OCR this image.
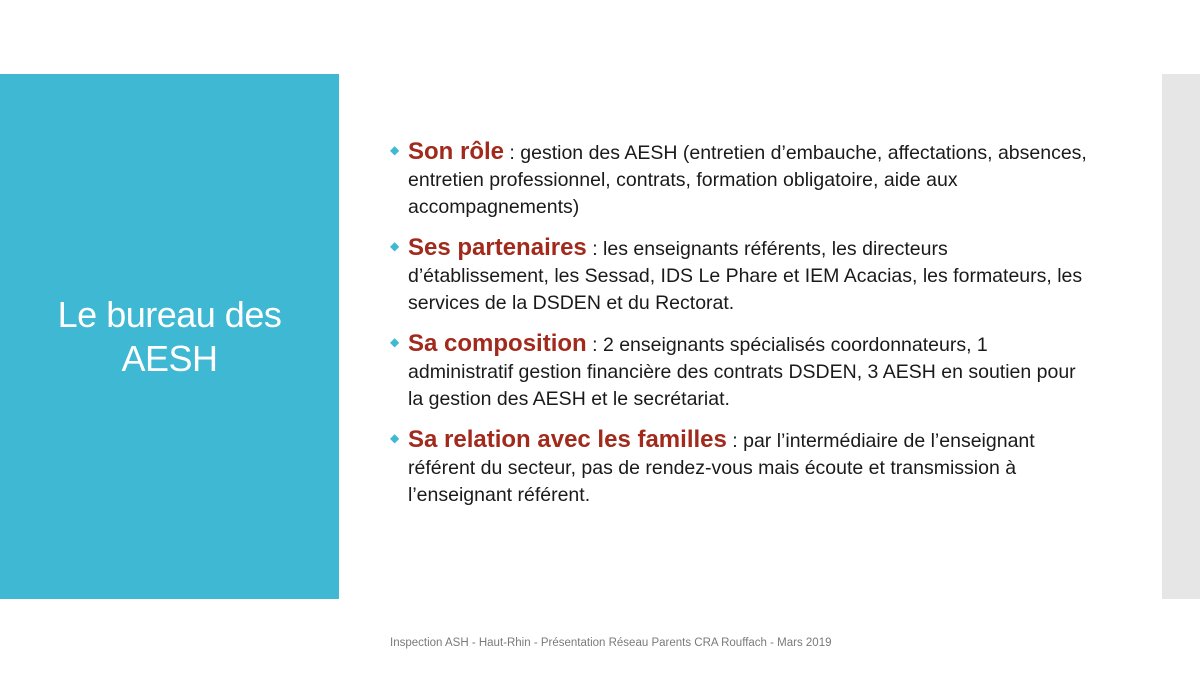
Le bureau des
AESH
◆ Son rôle : gestion des AESH (entretien d’embauche, affectations, absences, entretien professionnel, contrats, formation obligatoire, aide aux accompagnements)
◆ Ses partenaires : les enseignants référents, les directeurs d’établissement, les Sessad, IDS Le Phare et IEM Acacias, les formateurs, les services de la DSDEN et du Rectorat.
◆ Sa composition : 2 enseignants spécialisés coordonnateurs, 1 administratif gestion financière des contrats DSDEN, 3 AESH en soutien pour la gestion des AESH et le secrétariat.
◆ Sa relation avec les familles : par l’intermédiaire de l’enseignant référent du secteur, pas de rendez-vous mais écoute et transmission à l’enseignant référent.
Inspection ASH - Haut-Rhin - Présentation Réseau Parents CRA Rouffach - Mars 2019
